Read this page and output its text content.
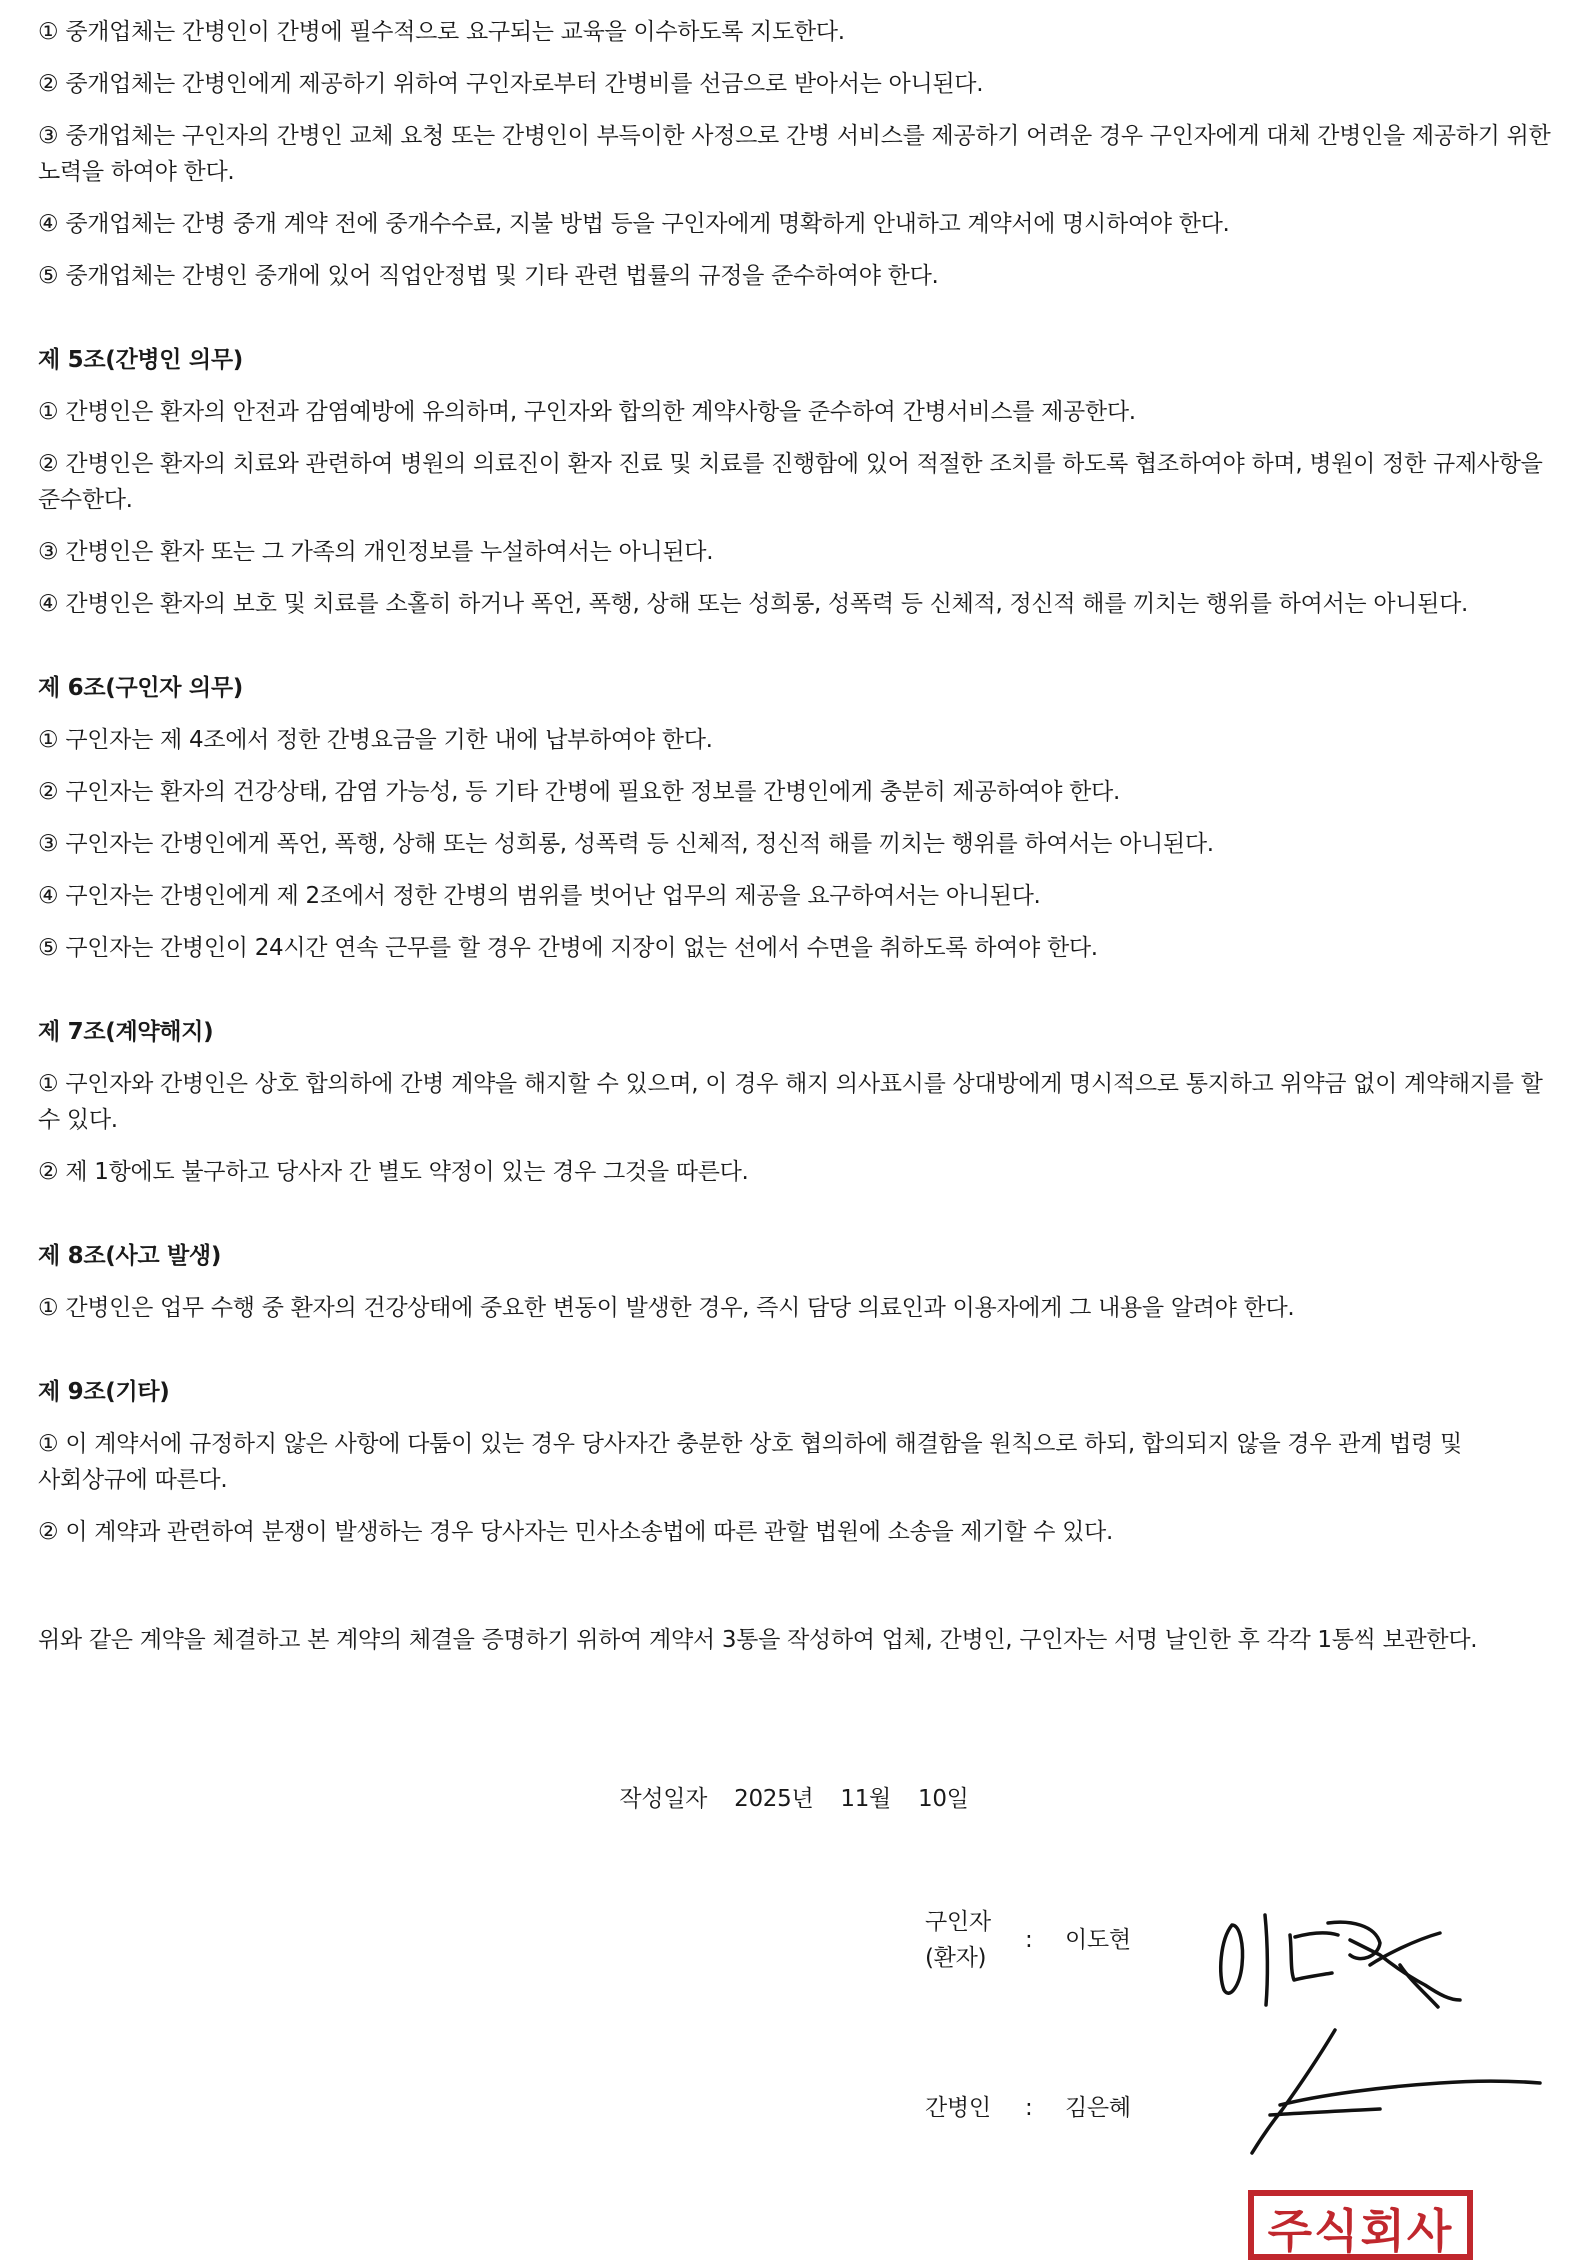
① 중개업체는 간병인이 간병에 필수적으로 요구되는 교육을 이수하도록 지도한다.

② 중개업체는 간병인에게 제공하기 위하여 구인자로부터 간병비를 선금으로 받아서는 아니된다.

③ 중개업체는 구인자의 간병인 교체 요청 또는 간병인이 부득이한 사정으로 간병 서비스를 제공하기 어려운 경우 구인자에게 대체 간병인을 제공하기 위한 노력을 하여야 한다.

④ 중개업체는 간병 중개 계약 전에 중개수수료, 지불 방법 등을 구인자에게 명확하게 안내하고 계약서에 명시하여야 한다.

⑤ 중개업체는 간병인 중개에 있어 직업안정법 및 기타 관련 법률의 규정을 준수하여야 한다.

제 5조(간병인 의무)

① 간병인은 환자의 안전과 감염예방에 유의하며, 구인자와 합의한 계약사항을 준수하여 간병서비스를 제공한다.

② 간병인은 환자의 치료와 관련하여 병원의 의료진이 환자 진료 및 치료를 진행함에 있어 적절한 조치를 하도록 협조하여야 하며, 병원이 정한 규제사항을 준수한다.

③ 간병인은 환자 또는 그 가족의 개인정보를 누설하여서는 아니된다.

④ 간병인은 환자의 보호 및 치료를 소홀히 하거나 폭언, 폭행, 상해 또는 성희롱, 성폭력 등 신체적, 정신적 해를 끼치는 행위를 하여서는 아니된다.

제 6조(구인자 의무)

① 구인자는 제 4조에서 정한 간병요금을 기한 내에 납부하여야 한다.

② 구인자는 환자의 건강상태, 감염 가능성, 등 기타 간병에 필요한 정보를 간병인에게 충분히 제공하여야 한다.

③ 구인자는 간병인에게 폭언, 폭행, 상해 또는 성희롱, 성폭력 등 신체적, 정신적 해를 끼치는 행위를 하여서는 아니된다.

④ 구인자는 간병인에게 제 2조에서 정한 간병의 범위를 벗어난 업무의 제공을 요구하여서는 아니된다.

⑤ 구인자는 간병인이 24시간 연속 근무를 할 경우 간병에 지장이 없는 선에서 수면을 취하도록 하여야 한다.

제 7조(계약해지)

① 구인자와 간병인은 상호 합의하에 간병 계약을 해지할 수 있으며, 이 경우 해지 의사표시를 상대방에게 명시적으로 통지하고 위약금 없이 계약해지를 할 수 있다.

② 제 1항에도 불구하고 당사자 간 별도 약정이 있는 경우 그것을 따른다.

제 8조(사고 발생)

① 간병인은 업무 수행 중 환자의 건강상태에 중요한 변동이 발생한 경우, 즉시 담당 의료인과 이용자에게 그 내용을 알려야 한다.

제 9조(기타)

① 이 계약서에 규정하지 않은 사항에 다툼이 있는 경우 당사자간 충분한 상호 협의하에 해결함을 원칙으로 하되, 합의되지 않을 경우 관계 법령 및 사회상규에 따른다.

② 이 계약과 관련하여 분쟁이 발생하는 경우 당사자는 민사소송법에 따른 관할 법원에 소송을 제기할 수 있다.

위와 같은 계약을 체결하고 본 계약의 체결을 증명하기 위하여 계약서 3통을 작성하여 업체, 간병인, 구인자는 서명 날인한 후 각각 1통씩 보관한다.

작성일자 2025년 11월 10일
구인자
(환자)
: 이도현
간병인 : 김은혜
주식회사
